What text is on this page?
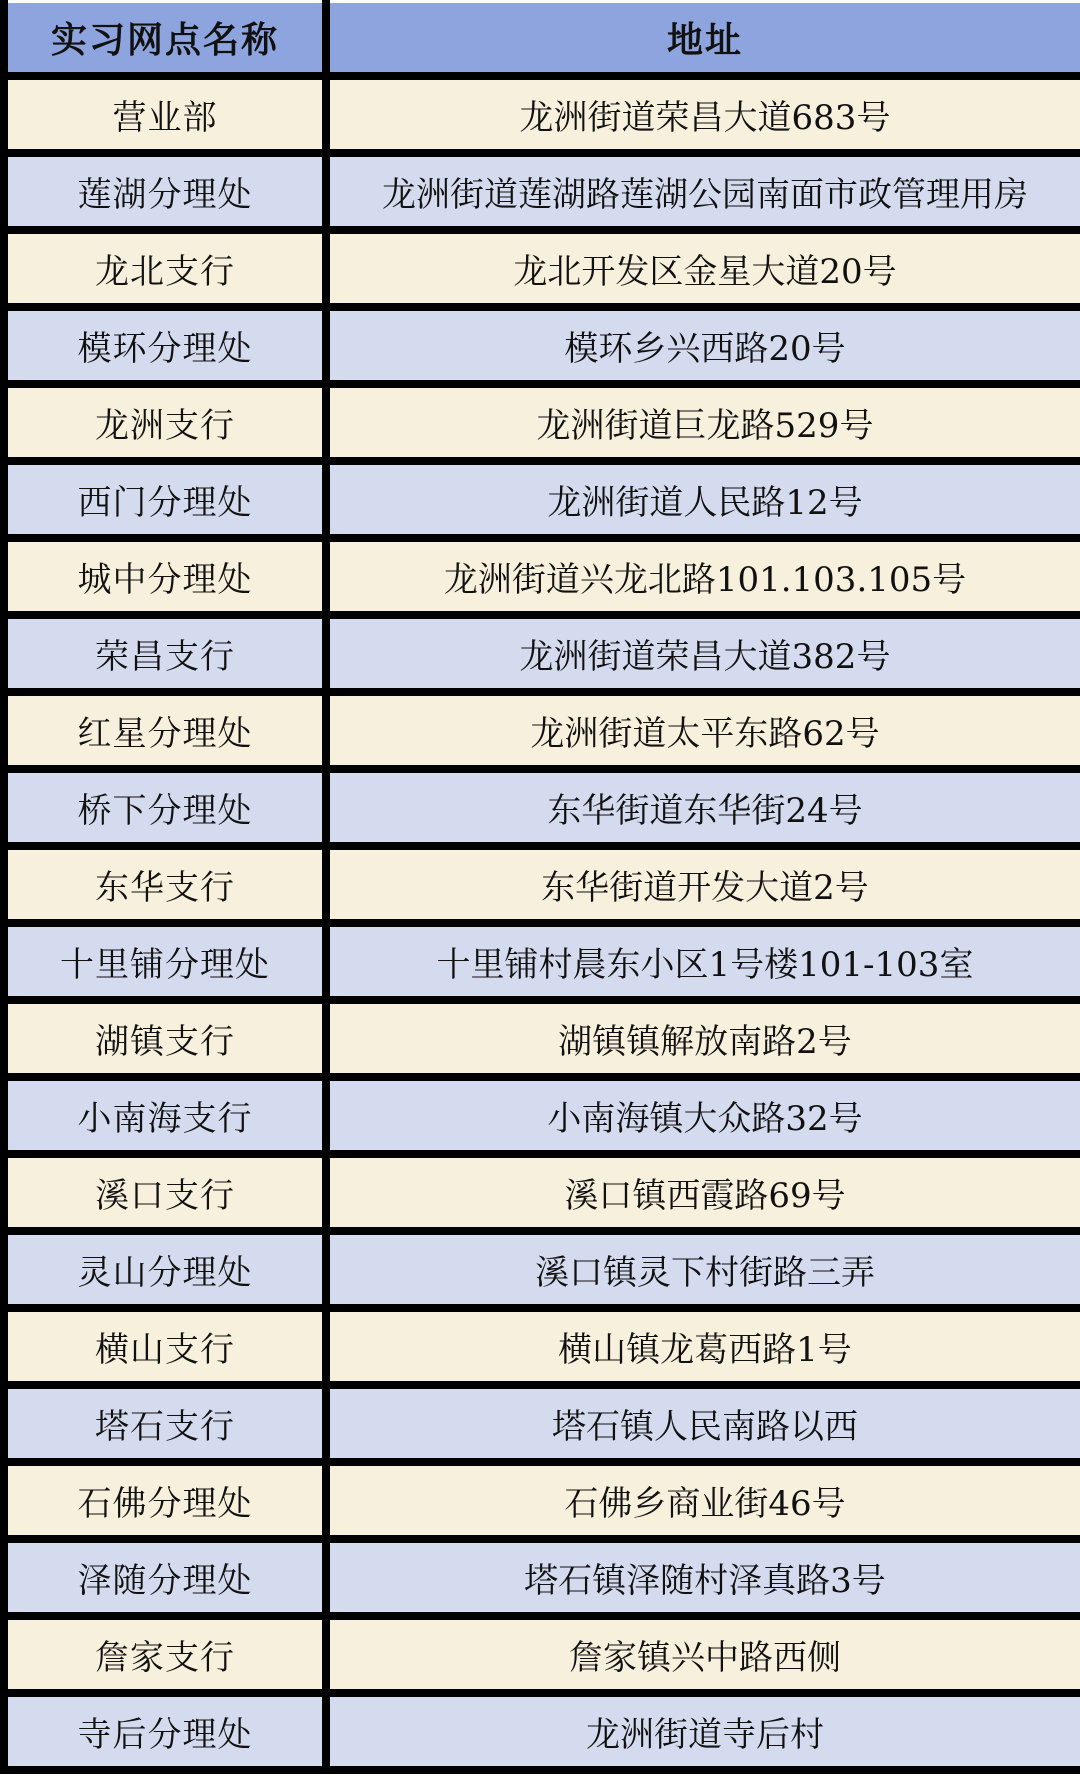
实习网点名称	地址
营业部	龙洲街道荣昌大道683号
莲湖分理处	龙洲街道莲湖路莲湖公园南面市政管理用房
龙北支行	龙北开发区金星大道20号
模环分理处	模环乡兴西路20号
龙洲支行	龙洲街道巨龙路529号
西门分理处	龙洲街道人民路12号
城中分理处	龙洲街道兴龙北路101.103.105号
荣昌支行	龙洲街道荣昌大道382号
红星分理处	龙洲街道太平东路62号
桥下分理处	东华街道东华街24号
东华支行	东华街道开发大道2号
十里铺分理处	十里铺村晨东小区1号楼101-103室
湖镇支行	湖镇镇解放南路2号
小南海支行	小南海镇大众路32号
溪口支行	溪口镇西霞路69号
灵山分理处	溪口镇灵下村街路三弄
横山支行	横山镇龙葛西路1号
塔石支行	塔石镇人民南路以西
石佛分理处	石佛乡商业街46号
泽随分理处	塔石镇泽随村泽真路3号
詹家支行	詹家镇兴中路西侧
寺后分理处	龙洲街道寺后村
